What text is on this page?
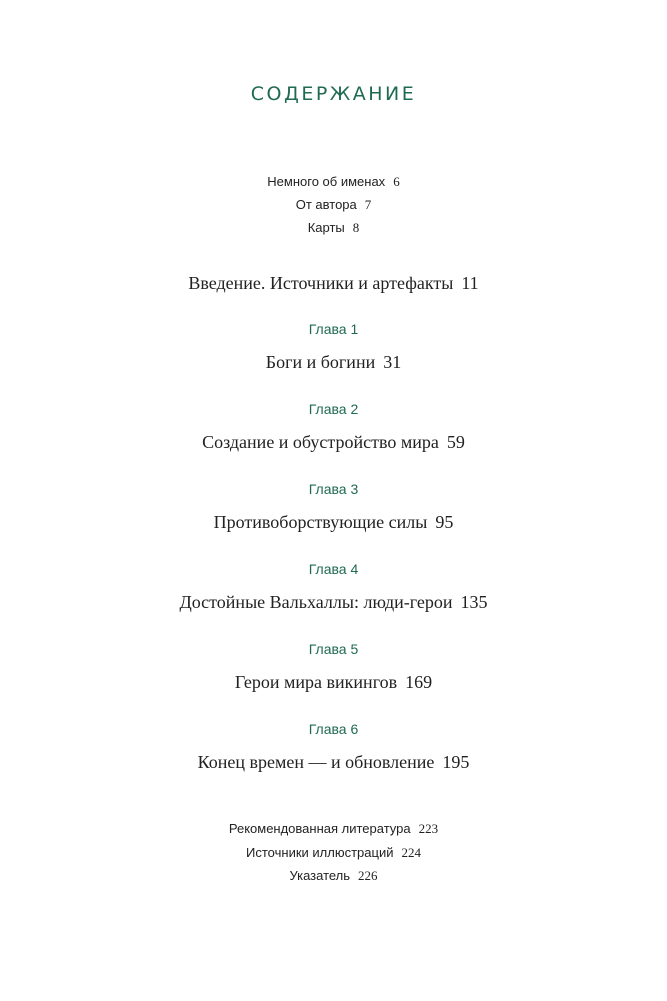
СОДЕРЖАНИЕ
Немного об именах 6
От автора 7
Карты 8
Введение. Источники и артефакты 11
Глава 1
Боги и богини 31
Глава 2
Создание и обустройство мира 59
Глава 3
Противоборствующие силы 95
Глава 4
Достойные Вальхаллы: люди-герои 135
Глава 5
Герои мира викингов 169
Глава 6
Конец времен — и обновление 195
Рекомендованная литература 223
Источники иллюстраций 224
Указатель 226
